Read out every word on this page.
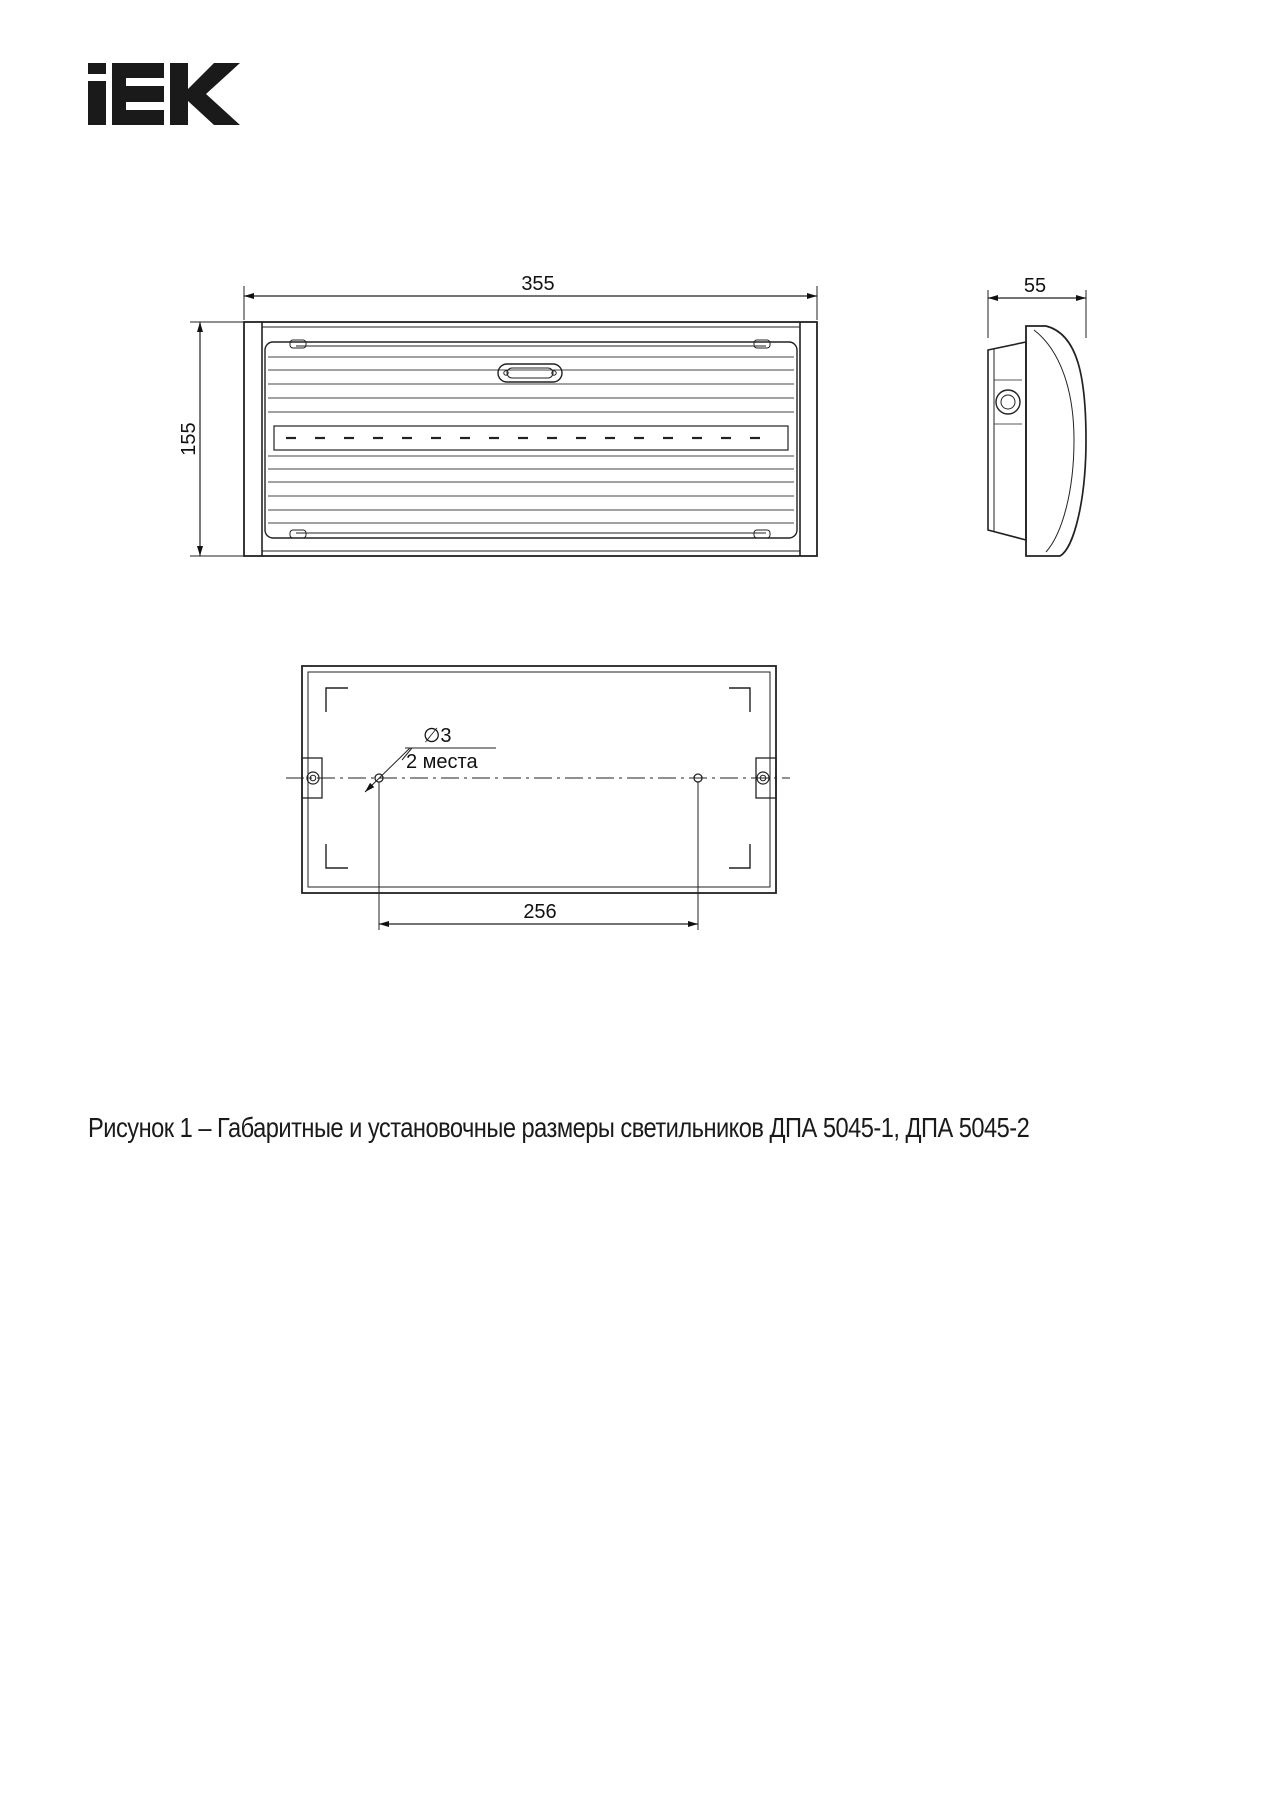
355
155
55
∅3
2 места
256
Рисунок 1 – Габаритные и установочные размеры светильников ДПА 5045-1, ДПА 5045-2
